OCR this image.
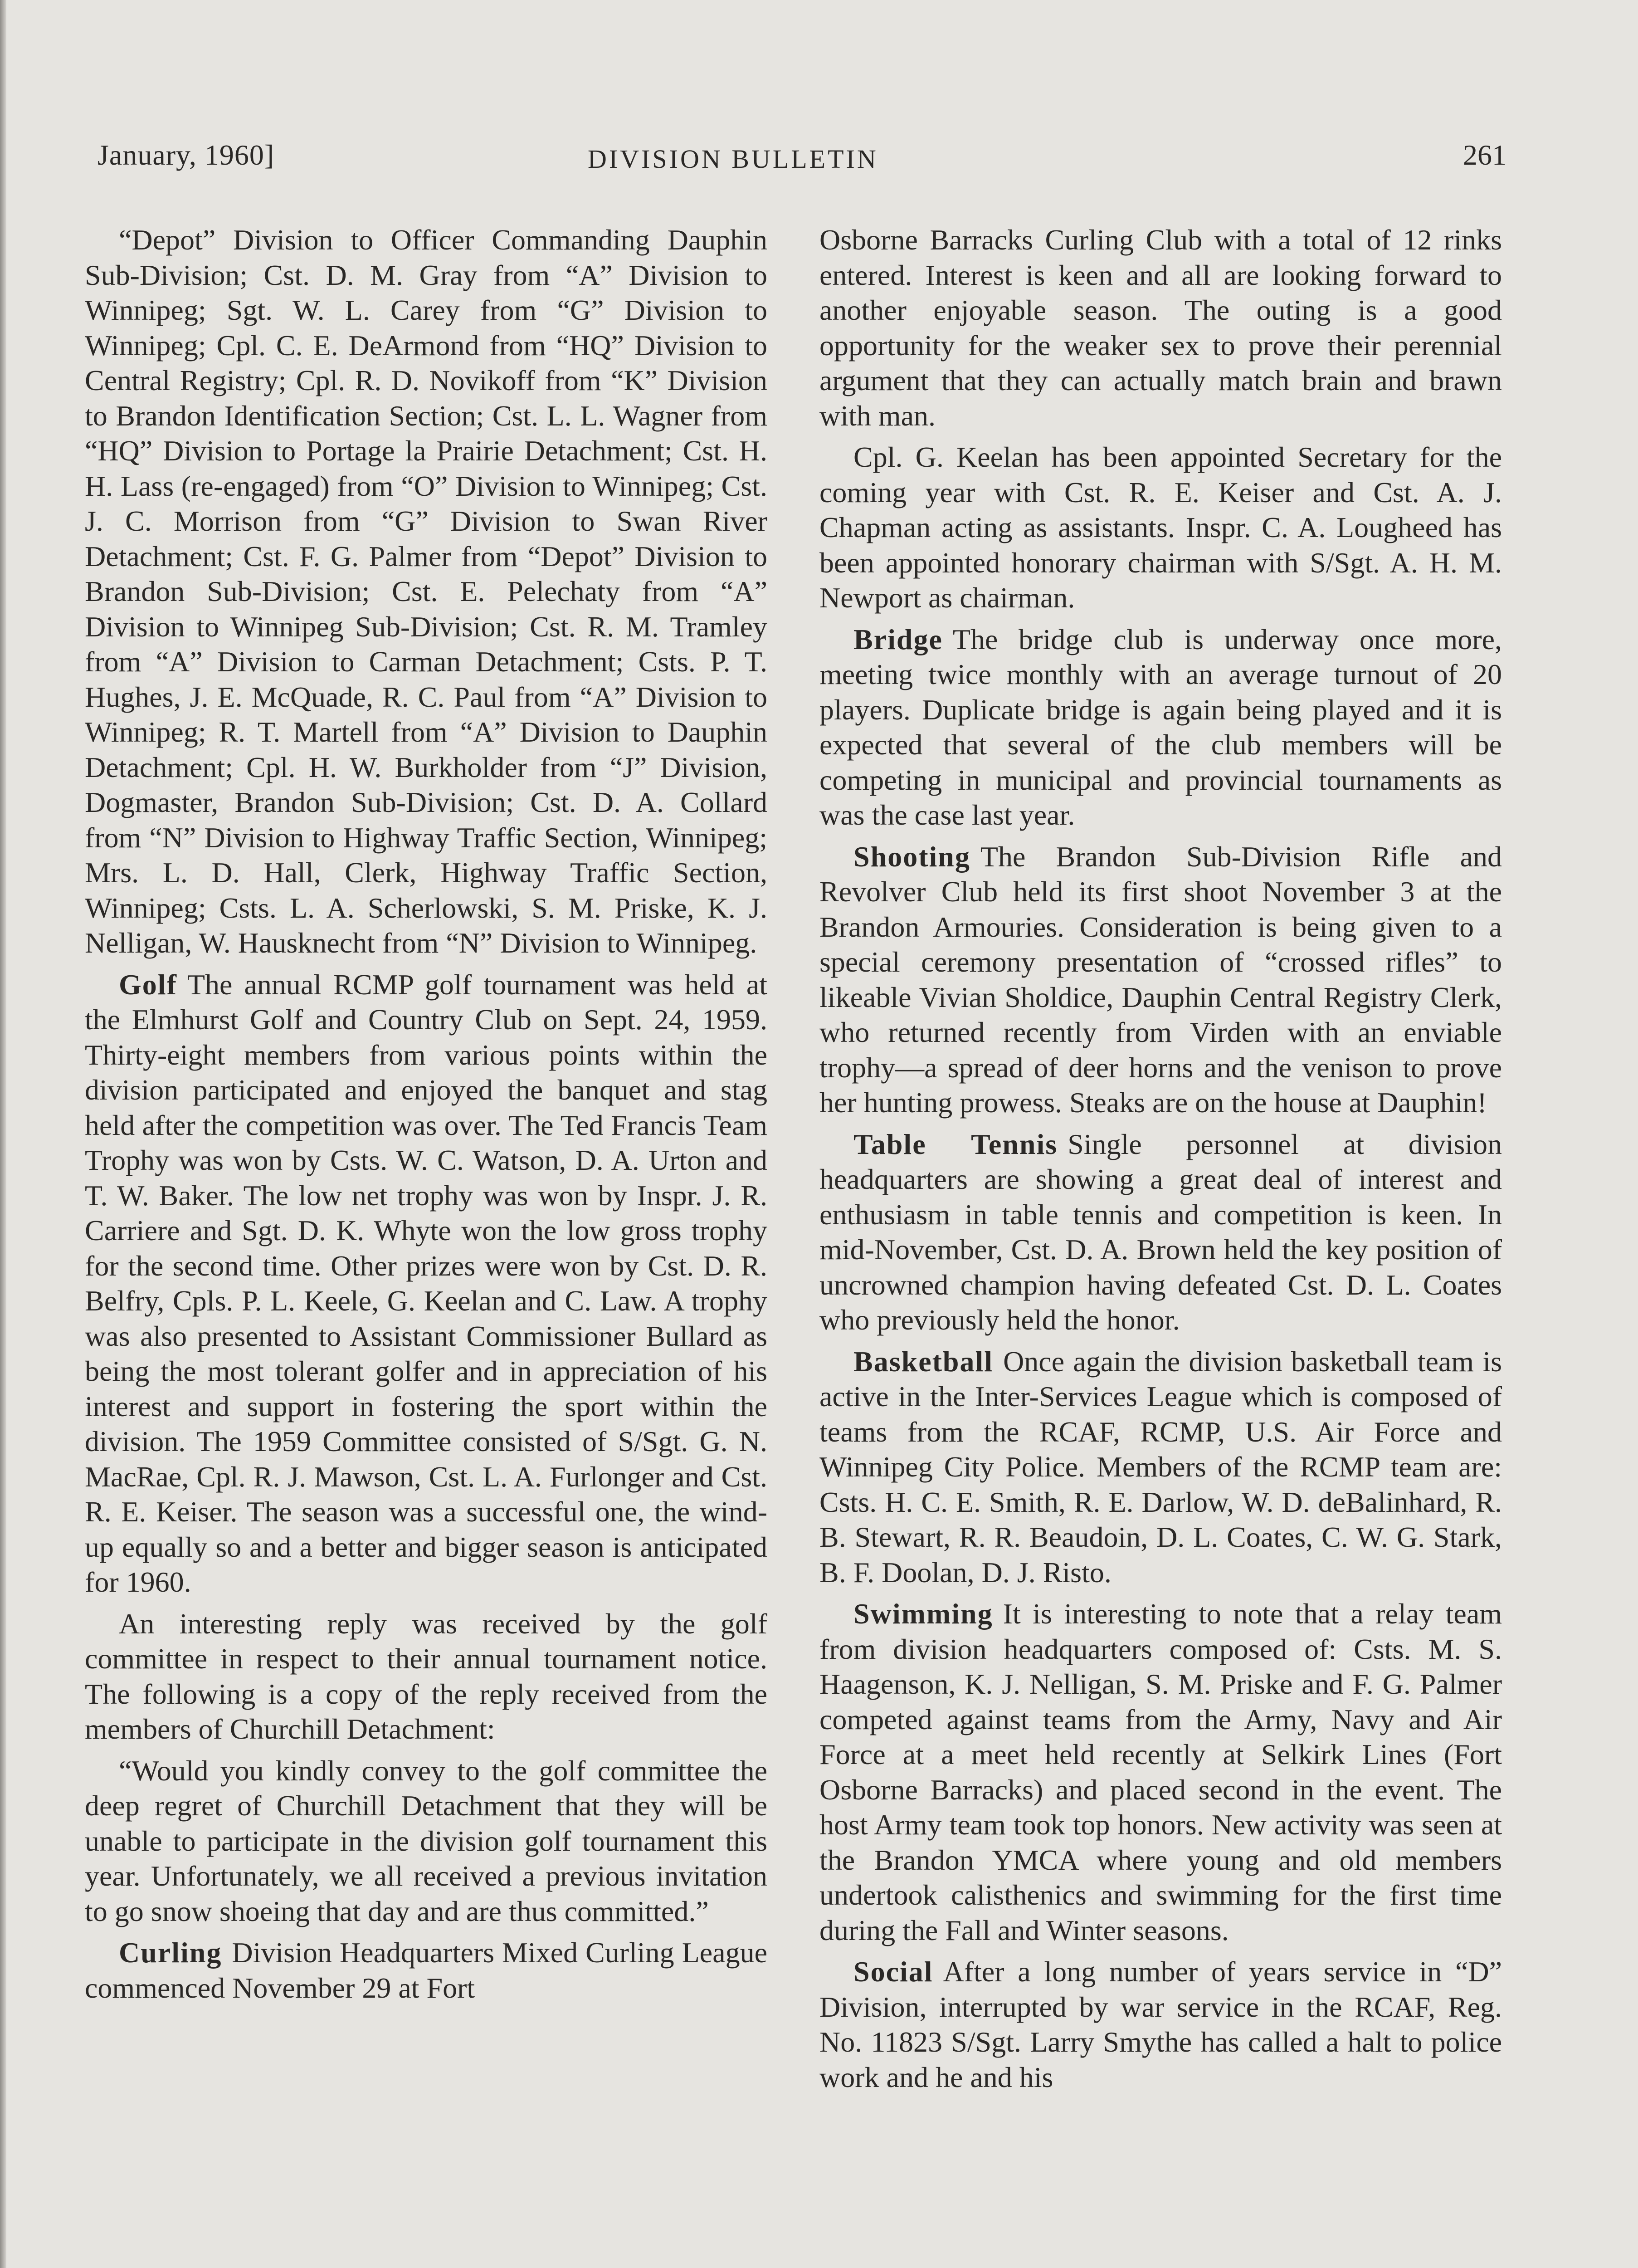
January, 1960]	DIVISION BULLETIN	261

“Depot” Division to Officer Commanding Dauphin Sub-Division; Cst. D. M. Gray from “A” Division to Winnipeg; Sgt. W. L. Carey from “G” Division to Winnipeg; Cpl. C. E. DeArmond from “HQ” Division to Central Registry; Cpl. R. D. Novikoff from “K” Division to Brandon Identification Section; Cst. L. L. Wagner from “HQ” Division to Portage la Prairie Detachment; Cst. H. H. Lass (re-engaged) from “O” Division to Winnipeg; Cst. J. C. Morrison from “G” Division to Swan River Detachment; Cst. F. G. Palmer from “Depot” Division to Brandon Sub-Division; Cst. E. Pelechaty from “A” Division to Winnipeg Sub-Division; Cst. R. M. Tramley from “A” Division to Carman Detachment; Csts. P. T. Hughes, J. E. McQuade, R. C. Paul from “A” Division to Winnipeg; R. T. Martell from “A” Division to Dauphin Detachment; Cpl. H. W. Burkholder from “J” Division, Dogmaster, Brandon Sub-Division; Cst. D. A. Collard from “N” Division to Highway Traffic Section, Winnipeg; Mrs. L. D. Hall, Clerk, Highway Traffic Section, Winnipeg; Csts. L. A. Scherlowski, S. M. Priske, K. J. Nelligan, W. Hausknecht from “N” Division to Winnipeg.

Golf The annual RCMP golf tournament was held at the Elmhurst Golf and Country Club on Sept. 24, 1959. Thirty-eight members from various points within the division participated and enjoyed the banquet and stag held after the competition was over. The Ted Francis Team Trophy was won by Csts. W. C. Watson, D. A. Urton and T. W. Baker. The low net trophy was won by Inspr. J. R. Carriere and Sgt. D. K. Whyte won the low gross trophy for the second time. Other prizes were won by Cst. D. R. Belfry, Cpls. P. L. Keele, G. Keelan and C. Law. A trophy was also presented to Assistant Commissioner Bullard as being the most tolerant golfer and in appreciation of his interest and support in fostering the sport within the division. The 1959 Committee consisted of S/Sgt. G. N. MacRae, Cpl. R. J. Mawson, Cst. L. A. Furlonger and Cst. R. E. Keiser. The season was a successful one, the wind-up equally so and a better and bigger season is anticipated for 1960.

An interesting reply was received by the golf committee in respect to their annual tournament notice. The following is a copy of the reply received from the members of Churchill Detachment:

“Would you kindly convey to the golf committee the deep regret of Churchill Detachment that they will be unable to participate in the division golf tournament this year. Unfortunately, we all received a previous invitation to go snow shoeing that day and are thus committed.”

Curling Division Headquarters Mixed Curling League commenced November 29 at Fort

Osborne Barracks Curling Club with a total of 12 rinks entered. Interest is keen and all are looking forward to another enjoyable season. The outing is a good opportunity for the weaker sex to prove their perennial argument that they can actually match brain and brawn with man.

Cpl. G. Keelan has been appointed Secretary for the coming year with Cst. R. E. Keiser and Cst. A. J. Chapman acting as assistants. Inspr. C. A. Lougheed has been appointed honorary chairman with S/Sgt. A. H. M. Newport as chairman.

Bridge The bridge club is underway once more, meeting twice monthly with an average turnout of 20 players. Duplicate bridge is again being played and it is expected that several of the club members will be competing in municipal and provincial tournaments as was the case last year.

Shooting The Brandon Sub-Division Rifle and Revolver Club held its first shoot November 3 at the Brandon Armouries. Consideration is being given to a special ceremony presentation of “crossed rifles” to likeable Vivian Sholdice, Dauphin Central Registry Clerk, who returned recently from Virden with an enviable trophy—a spread of deer horns and the venison to prove her hunting prowess. Steaks are on the house at Dauphin!

Table Tennis Single personnel at division headquarters are showing a great deal of interest and enthusiasm in table tennis and competition is keen. In mid-November, Cst. D. A. Brown held the key position of uncrowned champion having defeated Cst. D. L. Coates who previously held the honor.

Basketball Once again the division basketball team is active in the Inter-Services League which is composed of teams from the RCAF, RCMP, U.S. Air Force and Winnipeg City Police. Members of the RCMP team are: Csts. H. C. E. Smith, R. E. Darlow, W. D. deBalinhard, R. B. Stewart, R. R. Beaudoin, D. L. Coates, C. W. G. Stark, B. F. Doolan, D. J. Risto.

Swimming It is interesting to note that a relay team from division headquarters composed of: Csts. M. S. Haagenson, K. J. Nelligan, S. M. Priske and F. G. Palmer competed against teams from the Army, Navy and Air Force at a meet held recently at Selkirk Lines (Fort Osborne Barracks) and placed second in the event. The host Army team took top honors. New activity was seen at the Brandon YMCA where young and old members undertook calisthenics and swimming for the first time during the Fall and Winter seasons.

Social After a long number of years service in “D” Division, interrupted by war service in the RCAF, Reg. No. 11823 S/Sgt. Larry Smythe has called a halt to police work and he and his
